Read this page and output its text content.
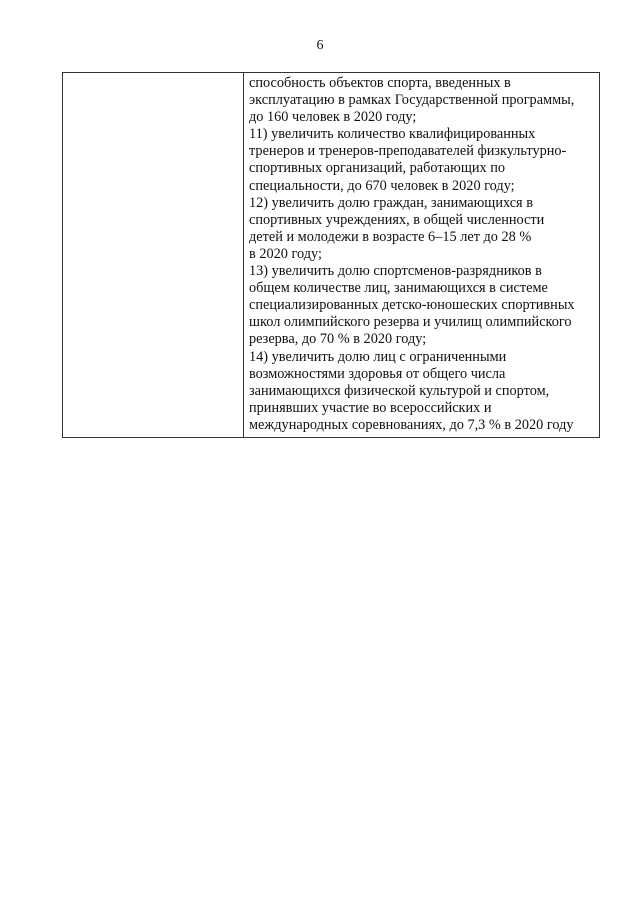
6
способность объектов спорта, введенных в
эксплуатацию в рамках Государственной программы,
до 160 человек в 2020 году;
11) увеличить количество квалифицированных
тренеров и тренеров-преподавателей физкультурно-
спортивных организаций, работающих по
специальности, до 670 человек в 2020 году;
12) увеличить долю граждан, занимающихся в
спортивных учреждениях, в общей численности
детей и молодежи в возрасте 6–15 лет до 28 %
в 2020 году;
13) увеличить долю спортсменов-разрядников в
общем количестве лиц, занимающихся в системе
специализированных детско-юношеских спортивных
школ олимпийского резерва и училищ олимпийского
резерва, до 70 % в 2020 году;
14) увеличить долю лиц с ограниченными
возможностями здоровья от общего числа
занимающихся физической культурой и спортом,
принявших участие во всероссийских и
международных соревнованиях, до 7,3 % в 2020 году
